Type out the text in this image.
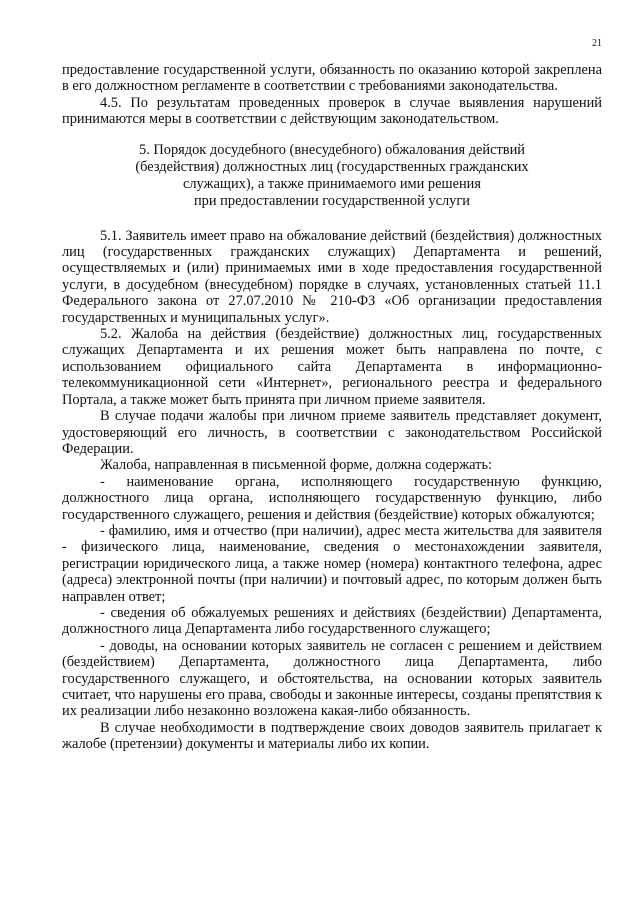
21

предоставление государственной услуги, обязанность по оказанию которой закреплена в его должностном регламенте в соответствии с требованиями законодательства.

4.5. По результатам проведенных проверок в случае выявления нарушений принимаются меры в соответствии с действующим законодательством.

5. Порядок досудебного (внесудебного) обжалования действий
(бездействия) должностных лиц (государственных гражданских
служащих), а также принимаемого ими решения
при предоставлении государственной услуги

5.1. Заявитель имеет право на обжалование действий (бездействия) должностных лиц (государственных гражданских служащих) Департамента и решений, осуществляемых и (или) принимаемых ими в ходе предоставления государственной услуги, в досудебном (внесудебном) порядке в случаях, установленных статьей 11.1 Федерального закона от 27.07.2010 № 210-ФЗ «Об организации предоставления государственных и муниципальных услуг».

5.2. Жалоба на действия (бездействие) должностных лиц, государственных служащих Департамента и их решения может быть направлена по почте, с использованием официального сайта Департамента в информационно-телекоммуникационной сети «Интернет», регионального реестра и федерального Портала, а также может быть принята при личном приеме заявителя.

В случае подачи жалобы при личном приеме заявитель представляет документ, удостоверяющий его личность, в соответствии с законодательством Российской Федерации.

Жалоба, направленная в письменной форме, должна содержать:

- наименование органа, исполняющего государственную функцию, должностного лица органа, исполняющего государственную функцию, либо государственного служащего, решения и действия (бездействие) которых обжалуются;

- фамилию, имя и отчество (при наличии), адрес места жительства для заявителя - физического лица, наименование, сведения о местонахождении заявителя, регистрации юридического лица, а также номер (номера) контактного телефона, адрес (адреса) электронной почты (при наличии) и почтовый адрес, по которым должен быть направлен ответ;

- сведения об обжалуемых решениях и действиях (бездействии) Департамента, должностного лица Департамента либо государственного служащего;

- доводы, на основании которых заявитель не согласен с решением и действием (бездействием) Департамента, должностного лица Департамента, либо государственного служащего, и обстоятельства, на основании которых заявитель считает, что нарушены его права, свободы и законные интересы, созданы препятствия к их реализации либо незаконно возложена какая-либо обязанность.

В случае необходимости в подтверждение своих доводов заявитель прилагает к жалобе (претензии) документы и материалы либо их копии.
